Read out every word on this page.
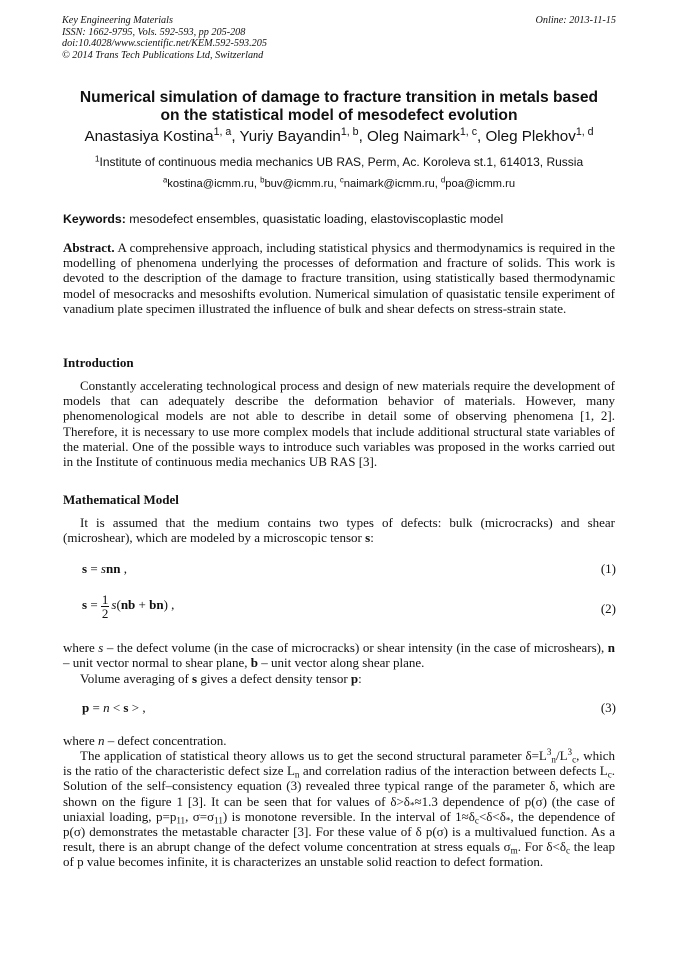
Key Engineering Materials
ISSN: 1662-9795, Vols. 592-593, pp 205-208
doi:10.4028/www.scientific.net/KEM.592-593.205
© 2014 Trans Tech Publications Ltd, Switzerland
Online: 2013-11-15
Numerical simulation of damage to fracture transition in metals based
on the statistical model of mesodefect evolution
Anastasiya Kostina$^{1, a}$, Yuriy Bayandin$^{1, b}$, Oleg Naimark$^{1, c}$, Oleg Plekhov$^{1, d}$
$^1$Institute of continuous media mechanics UB RAS, Perm, Ac. Koroleva st.1, 614013, Russia
$^a$kostina@icmm.ru, $^b$buv@icmm.ru, $^c$naimark@icmm.ru, $^d$poa@icmm.ru
Keywords: mesodefect ensembles, quasistatic loading, elastoviscoplastic model

Abstract. A comprehensive approach, including statistical physics and thermodynamics is required in the modelling of phenomena underlying the processes of deformation and fracture of solids. This work is devoted to the description of the damage to fracture transition, using statistically based thermodynamic model of mesocracks and mesoshifts evolution. Numerical simulation of quasistatic tensile experiment of vanadium plate specimen illustrated the influence of bulk and shear defects on stress-strain state.

Introduction

Constantly accelerating technological process and design of new materials require the development of models that can adequately describe the deformation behavior of materials. However, many phenomenological models are not able to describe in detail some of observing phenomena [1, 2]. Therefore, it is necessary to use more complex models that include additional structural state variables of the material. One of the possible ways to introduce such variables was proposed in the works carried out in the Institute of continuous media mechanics UB RAS [3].

Mathematical Model

It is assumed that the medium contains two types of defects: bulk (microcracks) and shear (microshear), which are modeled by a microscopic tensor s:

s = snn ,	(1)
$s = \frac{1}{2} s(nb + bn)$ ,	(2)

where s – the defect volume (in the case of microcracks) or shear intensity (in the case of microshears), n – unit vector normal to shear plane, b – unit vector along shear plane.

Volume averaging of s gives a defect density tensor p:

p = n < s > ,	(3)

where n – defect concentration.

The application of statistical theory allows us to get the second structural parameter $\delta=L^3_n/L^3_c$, which is the ratio of the characteristic defect size $L_n$ and correlation radius of the interaction between defects $L_c$. Solution of the self–consistency equation (3) revealed three typical range of the parameter δ, which are shown on the figure 1 [3]. It can be seen that for values of $\delta>\delta_*\approx 1.3$ dependence of p(σ) (the case of uniaxial loading, $p=p_{11}$, $\sigma=\sigma_{11}$) is monotone reversible. In the interval of $1\approx\delta_c<\delta<\delta_*$, the dependence of p(σ) demonstrates the metastable character [3]. For these value of δ p(σ) is a multivalued function. As a result, there is an abrupt change of the defect volume concentration at stress equals $\sigma_m$. For $\delta<\delta_c$ the leap of p value becomes infinite, it is characterizes an unstable solid reaction to defect formation.
